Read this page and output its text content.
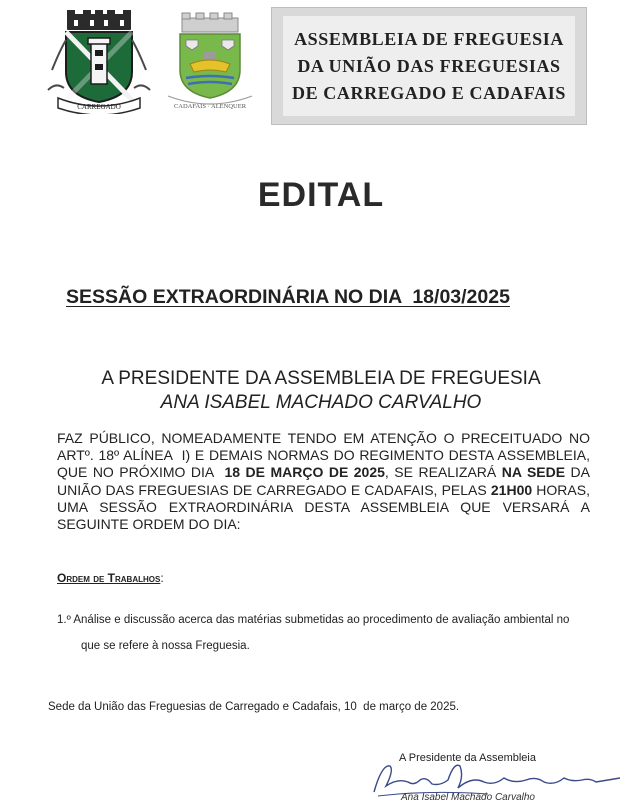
CARREGADO	CADAFAIS · ALENQUER
ASSEMBLEIA DE FREGUESIA
DA UNIÃO DAS FREGUESIAS
DE CARREGADO E CADAFAIS
EDITAL
SESSÃO EXTRAORDINÁRIA NO DIA  18/03/2025
A PRESIDENTE DA ASSEMBLEIA DE FREGUESIA
ANA ISABEL MACHADO CARVALHO
FAZ PÚBLICO, NOMEADAMENTE TENDO EM ATENÇÃO O PRECEITUADO NO
ARTº. 18º ALÍNEA  I) E DEMAIS NORMAS DO REGIMENTO DESTA ASSEMBLEIA,
QUE NO PRÓXIMO DIA  18 DE MARÇO DE 2025, SE REALIZARÁ NA SEDE DA
UNIÃO DAS FREGUESIAS DE CARREGADO E CADAFAIS, PELAS 21H00 HORAS,
UMA SESSÃO EXTRAORDINÁRIA DESTA ASSEMBLEIA QUE VERSARÁ A
SEGUINTE ORDEM DO DIA:
Ordem de Trabalhos:
1.º Análise e discussão acerca das matérias submetidas ao procedimento de avaliação ambiental no
que se refere à nossa Freguesia.
Sede da União das Freguesias de Carregado e Cadafais, 10  de março de 2025.
A Presidente da Assembleia
Ana Isabel Machado Carvalho
